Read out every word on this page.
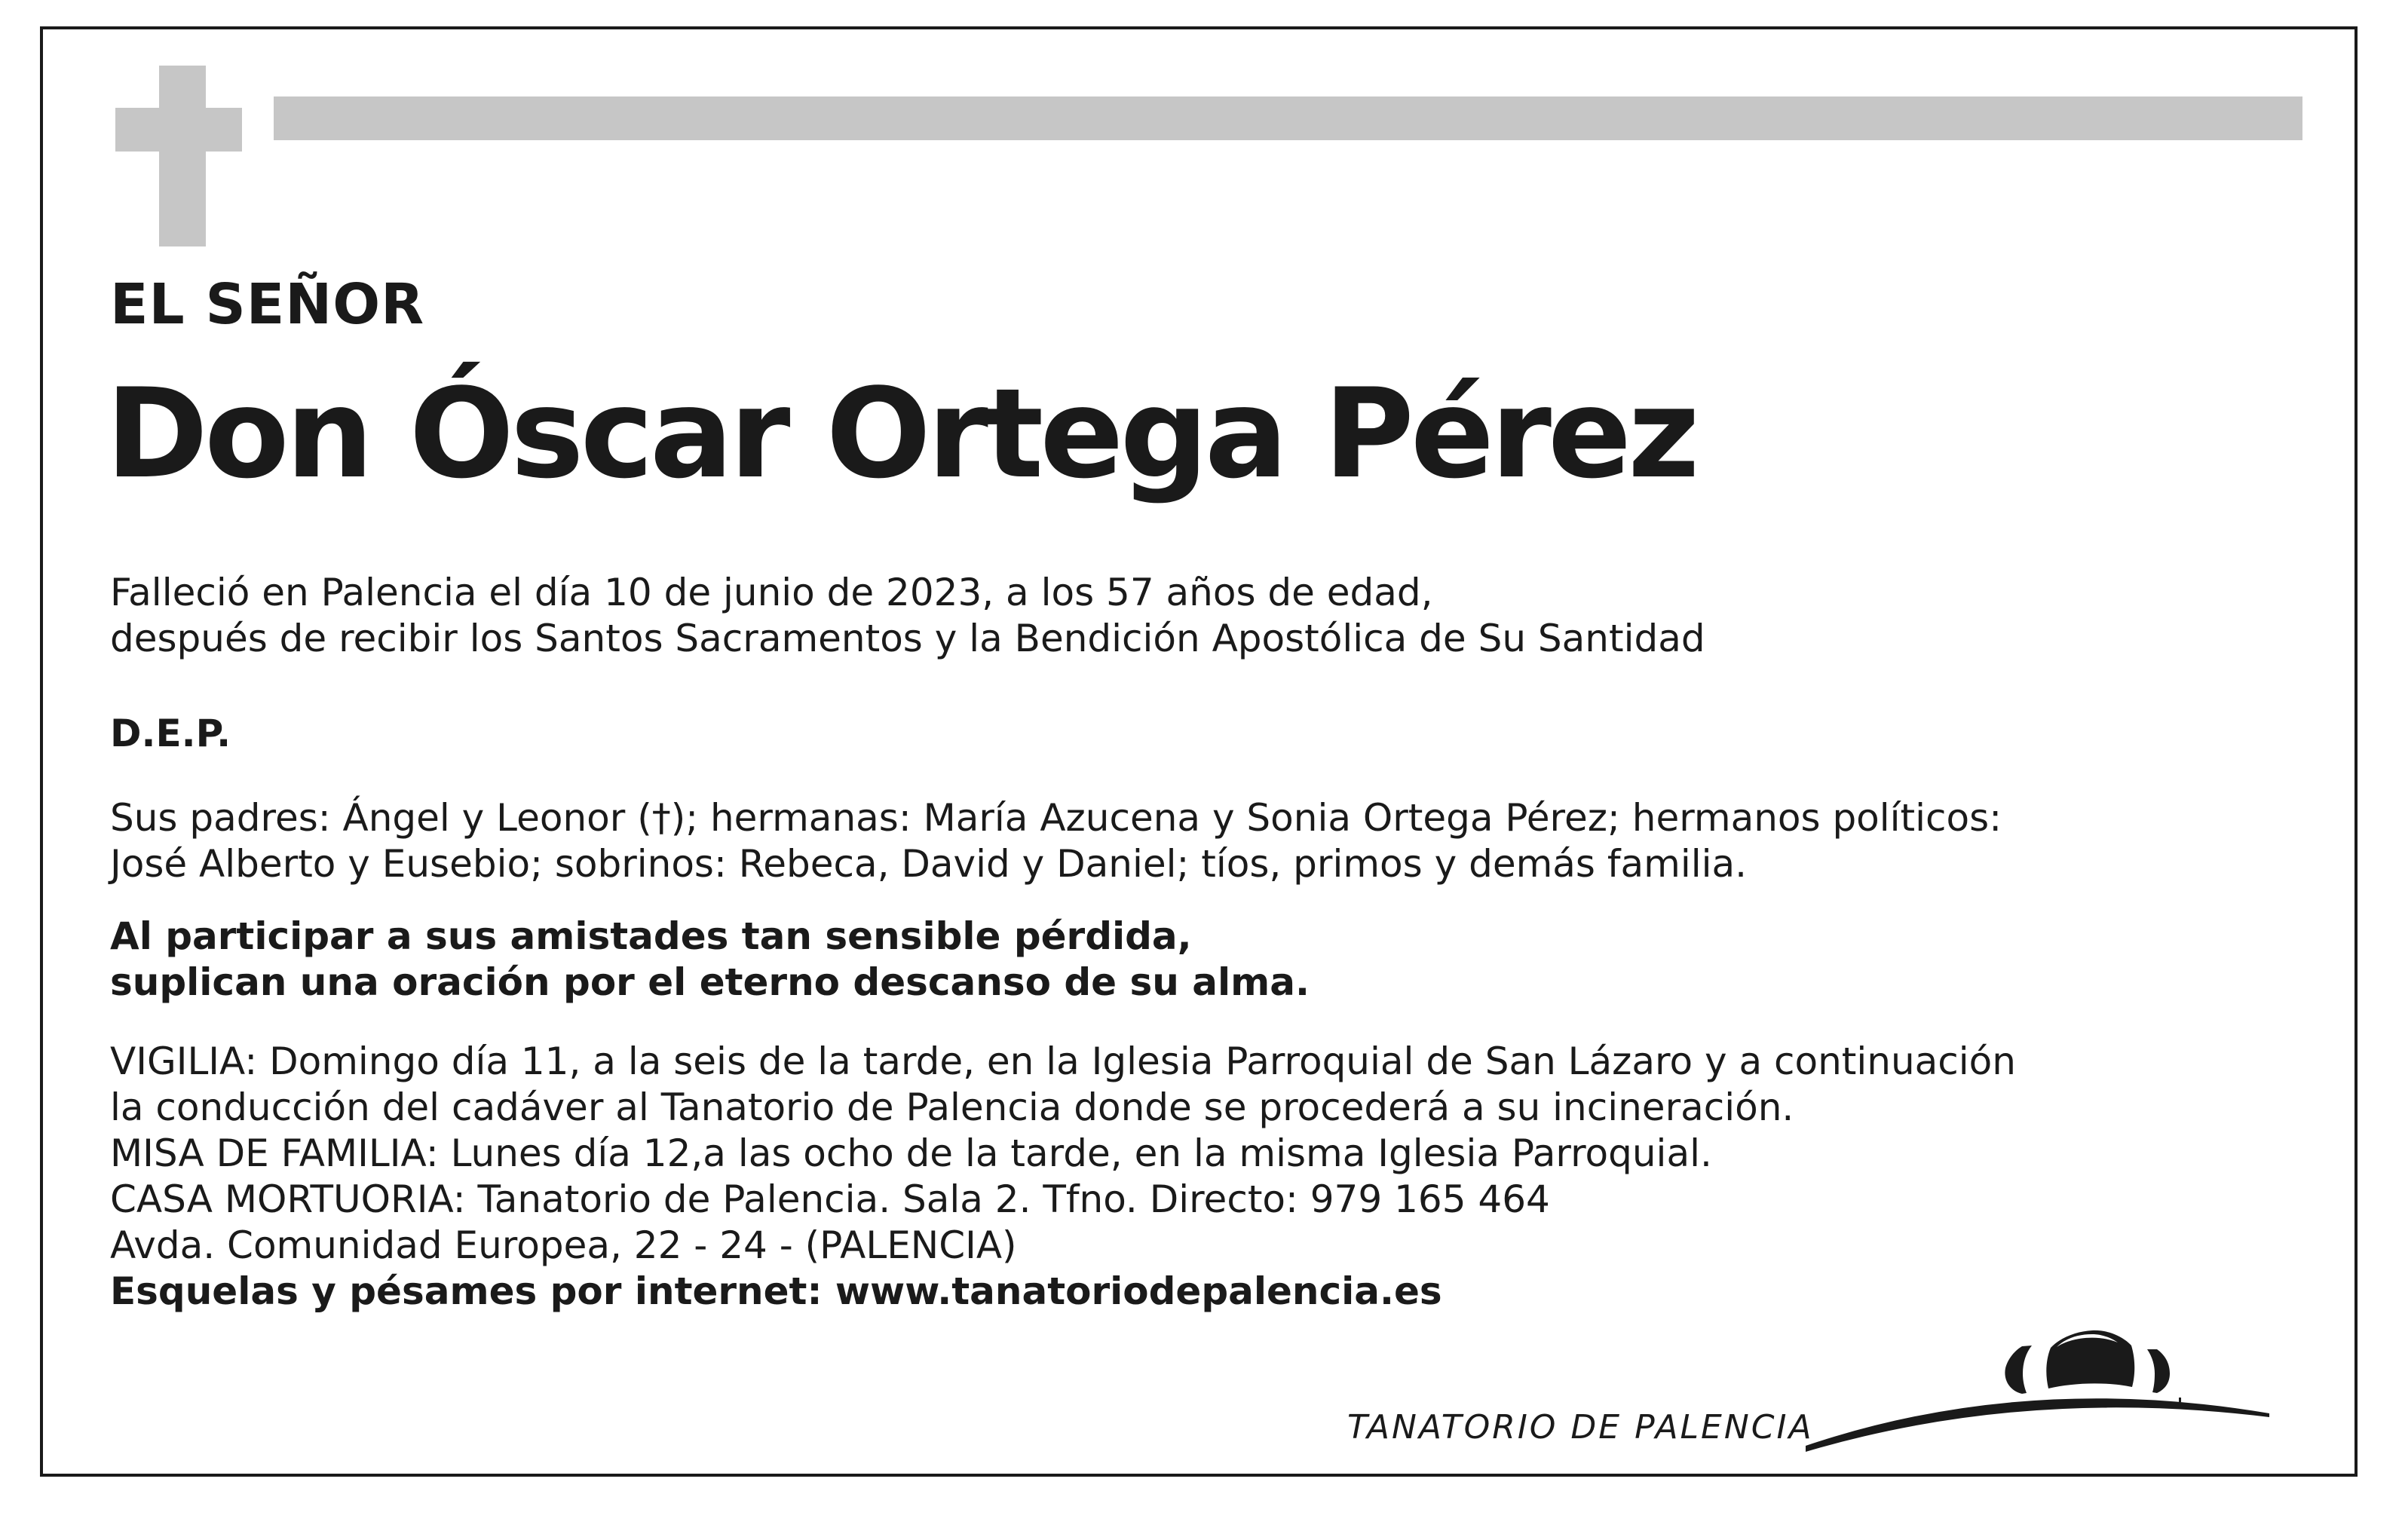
EL SEÑOR
Don Óscar Ortega Pérez

Falleció en Palencia el día 10 de junio de 2023, a los 57 años de edad,

después de recibir los Santos Sacramentos y la Bendición Apostólica de Su Santidad

D.E.P.

Sus padres: Ángel y Leonor (†); hermanas: María Azucena y Sonia Ortega Pérez; hermanos políticos:

José Alberto y Eusebio; sobrinos: Rebeca, David y Daniel; tíos, primos y demás familia.

Al participar a sus amistades tan sensible pérdida,

suplican una oración por el eterno descanso de su alma.

VIGILIA: Domingo día 11, a la seis de la tarde, en la Iglesia Parroquial de San Lázaro y a continuación

la conducción del cadáver al Tanatorio de Palencia donde se procederá a su incineración.

MISA DE FAMILIA: Lunes día 12,a las ocho de la tarde, en la misma Iglesia Parroquial.

CASA MORTUORIA: Tanatorio de Palencia. Sala 2. Tfno. Directo: 979 165 464

Avda. Comunidad Europea, 22 - 24 - (PALENCIA)

Esquelas y pésames por internet: www.tanatoriodepalencia.es

TANATORIO DE PALENCIA
